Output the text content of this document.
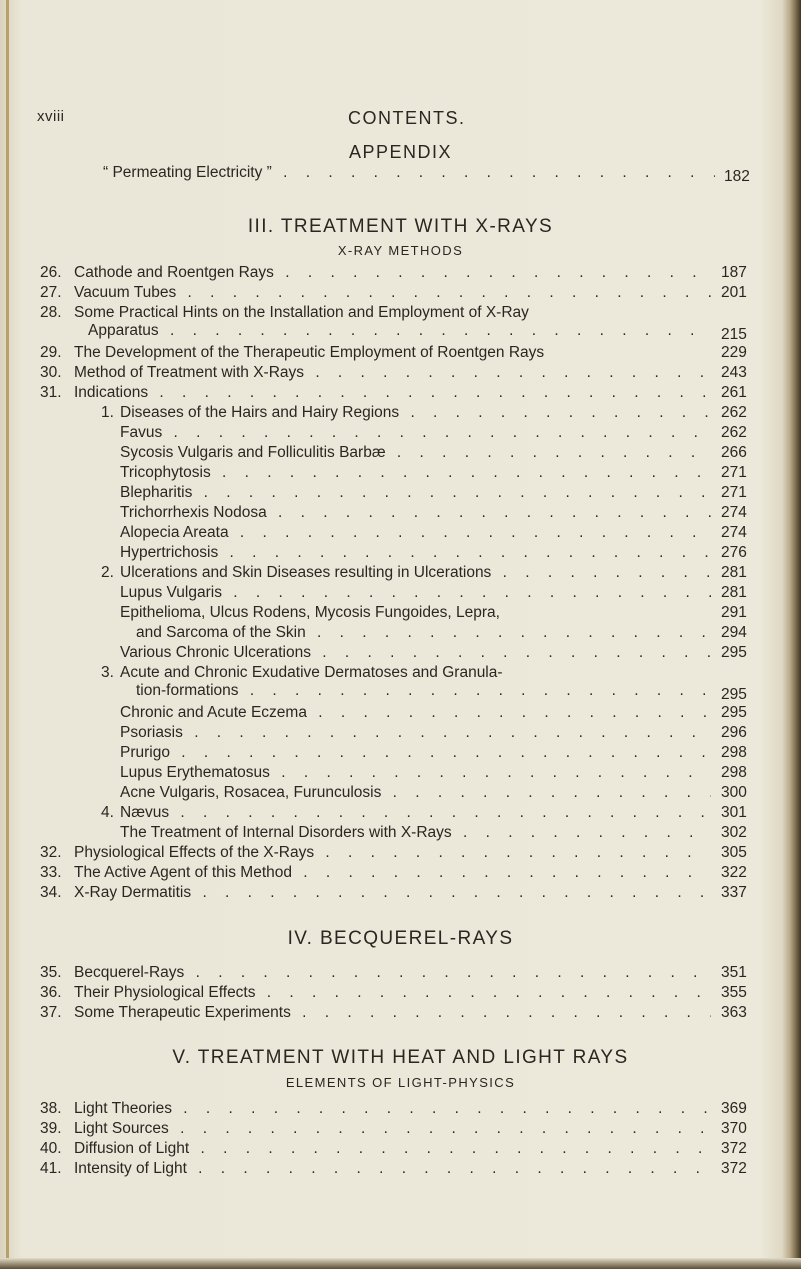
xviii	CONTENTS.
APPENDIX
“ Permeating Electricity ” . . .	182
III. TREATMENT WITH X-RAYS
X-RAY METHODS
26. Cathode and Roentgen Rays . . .	187
27. Vacuum Tubes . . .	201
28. Some Practical Hints on the Installation and Employment of X-Ray
Apparatus . . .	215
29. The Development of the Therapeutic Employment of Roentgen Rays	229
30. Method of Treatment with X-Rays . . .	243
31. Indications . . .	261
1. Diseases of the Hairs and Hairy Regions . . .	262
Favus . . .	262
Sycosis Vulgaris and Folliculitis Barbæ . . .	266
Tricophytosis . . .	271
Blepharitis . . .	271
Trichorrhexis Nodosa . . .	274
Alopecia Areata . . .	274
Hypertrichosis . . .	276
2. Ulcerations and Skin Diseases resulting in Ulcerations . . .	281
Lupus Vulgaris . . .	281
Epithelioma, Ulcus Rodens, Mycosis Fungoides, Lepra,	291
and Sarcoma of the Skin . . .	294
Various Chronic Ulcerations . . .	295
3. Acute and Chronic Exudative Dermatoses and Granula-
tion-formations . . .	295
Chronic and Acute Eczema . . .	295
Psoriasis . . .	296
Prurigo . . .	298
Lupus Erythematosus . . .	298
Acne Vulgaris, Rosacea, Furunculosis . . .	300
4. Nævus . . .	301
The Treatment of Internal Disorders with X-Rays . . .	302
32. Physiological Effects of the X-Rays . . .	305
33. The Active Agent of this Method . . .	322
34. X-Ray Dermatitis . . .	337
IV. BECQUEREL-RAYS
35. Becquerel-Rays . . .	351
36. Their Physiological Effects . . .	355
37. Some Therapeutic Experiments . . .	363
V. TREATMENT WITH HEAT AND LIGHT RAYS
ELEMENTS OF LIGHT-PHYSICS
38. Light Theories . . .	369
39. Light Sources . . .	370
40. Diffusion of Light . . .	372
41. Intensity of Light . . .	372
